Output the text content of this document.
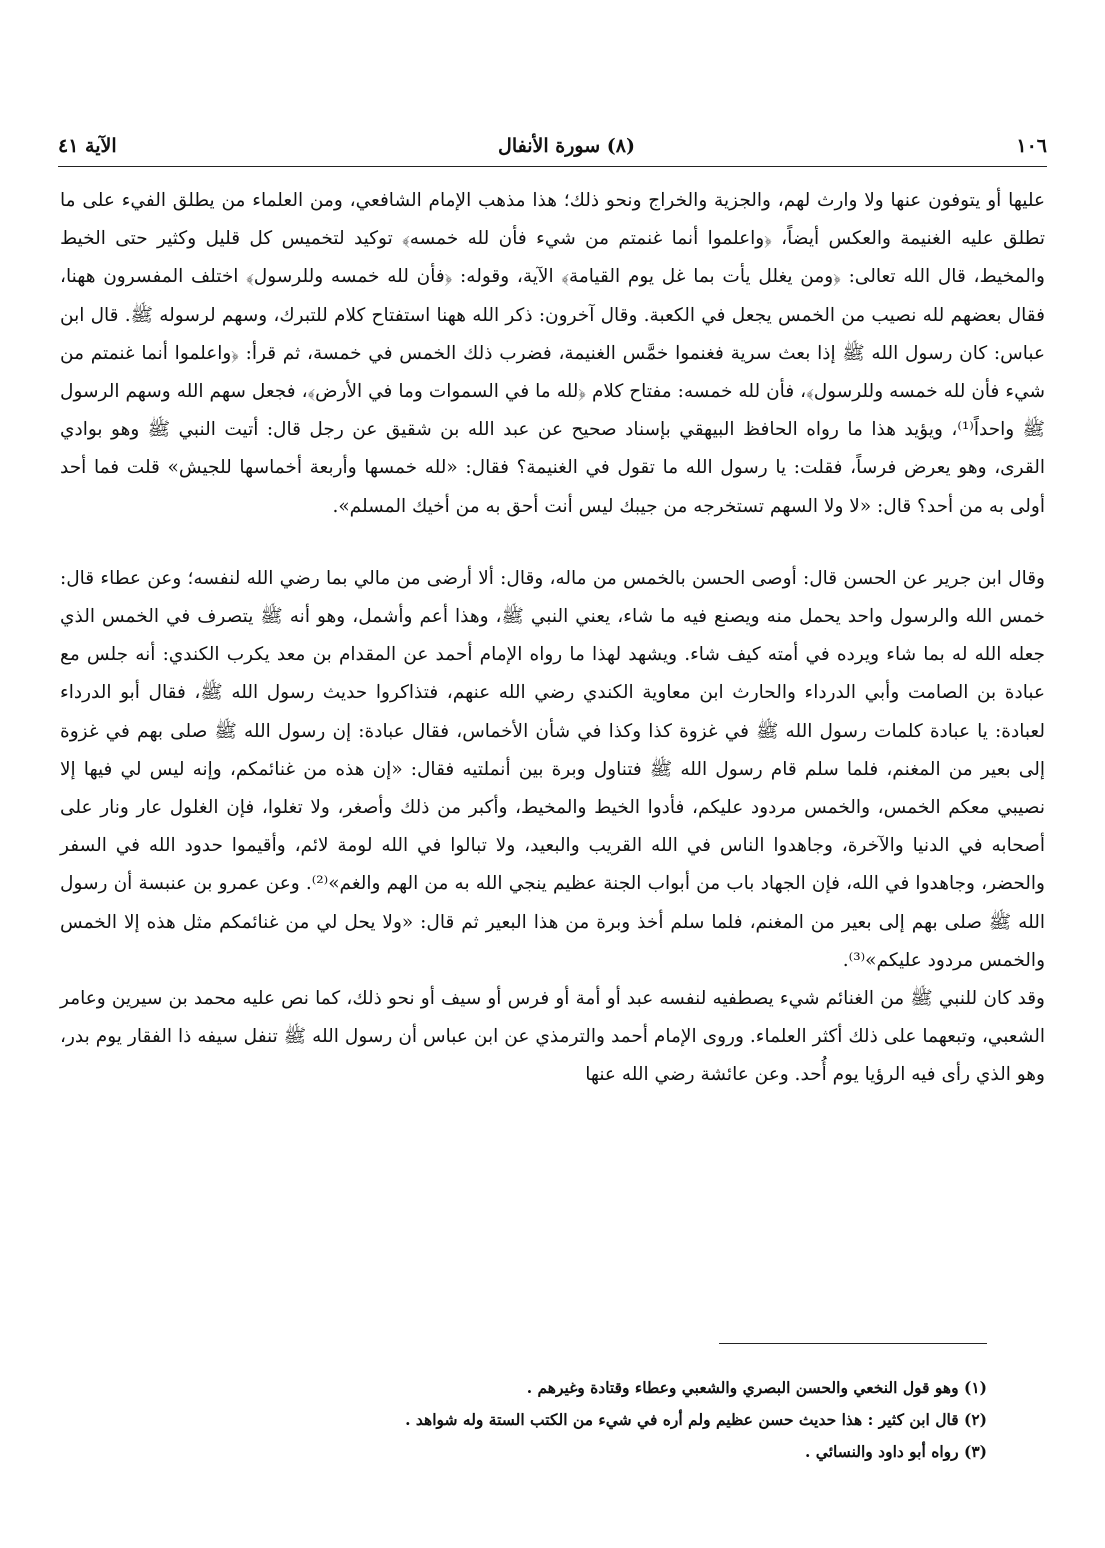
١٠٦
(٨) سورة الأنفال
الآية ٤١

عليها أو يتوفون عنها ولا وارث لهم، والجزية والخراج ونحو ذلك؛ هذا مذهب الإمام الشافعي، ومن العلماء من يطلق الفيء على ما تطلق عليه الغنيمة والعكس أيضاً، ﴿واعلموا أنما غنمتم من شيء فأن لله خمسه﴾ توكيد لتخميس كل قليل وكثير حتى الخيط والمخيط، قال الله تعالى: ﴿ومن يغلل يأت بما غل يوم القيامة﴾ الآية، وقوله: ﴿فأن لله خمسه وللرسول﴾ اختلف المفسرون ههنا، فقال بعضهم لله نصيب من الخمس يجعل في الكعبة. وقال آخرون: ذكر الله ههنا استفتاح كلام للتبرك، وسهم لرسوله ﷺ. قال ابن عباس: كان رسول الله ﷺ إذا بعث سرية فغنموا خمَّس الغنيمة، فضرب ذلك الخمس في خمسة، ثم قرأ: ﴿واعلموا أنما غنمتم من شيء فأن لله خمسه وللرسول﴾، فأن لله خمسه: مفتاح كلام ﴿لله ما في السموات وما في الأرض﴾، فجعل سهم الله وسهم الرسول ﷺ واحداً⁽¹⁾، ويؤيد هذا ما رواه الحافظ البيهقي بإسناد صحيح عن عبد الله بن شقيق عن رجل قال: أتيت النبي ﷺ وهو بوادي القرى، وهو يعرض فرساً، فقلت: يا رسول الله ما تقول في الغنيمة؟ فقال: «لله خمسها وأربعة أخماسها للجيش» قلت فما أحد أولى به من أحد؟ قال: «لا ولا السهم تستخرجه من جيبك ليس أنت أحق به من أخيك المسلم».

وقال ابن جرير عن الحسن قال: أوصى الحسن بالخمس من ماله، وقال: ألا أرضى من مالي بما رضي الله لنفسه؛ وعن عطاء قال: خمس الله والرسول واحد يحمل منه ويصنع فيه ما شاء، يعني النبي ﷺ، وهذا أعم وأشمل، وهو أنه ﷺ يتصرف في الخمس الذي جعله الله له بما شاء ويرده في أمته كيف شاء. ويشهد لهذا ما رواه الإمام أحمد عن المقدام بن معد يكرب الكندي: أنه جلس مع عبادة بن الصامت وأبي الدرداء والحارث ابن معاوية الكندي رضي الله عنهم، فتذاكروا حديث رسول الله ﷺ، فقال أبو الدرداء لعبادة: يا عبادة كلمات رسول الله ﷺ في غزوة كذا وكذا في شأن الأخماس، فقال عبادة: إن رسول الله ﷺ صلى بهم في غزوة إلى بعير من المغنم، فلما سلم قام رسول الله ﷺ فتناول وبرة بين أنملتيه فقال: «إن هذه من غنائمكم، وإنه ليس لي فيها إلا نصيبي معكم الخمس، والخمس مردود عليكم، فأدوا الخيط والمخيط، وأكبر من ذلك وأصغر، ولا تغلوا، فإن الغلول عار ونار على أصحابه في الدنيا والآخرة، وجاهدوا الناس في الله القريب والبعيد، ولا تبالوا في الله لومة لائم، وأقيموا حدود الله في السفر والحضر، وجاهدوا في الله، فإن الجهاد باب من أبواب الجنة عظيم ينجي الله به من الهم والغم»⁽²⁾. وعن عمرو بن عنبسة أن رسول الله ﷺ صلى بهم إلى بعير من المغنم، فلما سلم أخذ وبرة من هذا البعير ثم قال: «ولا يحل لي من غنائمكم مثل هذه إلا الخمس والخمس مردود عليكم»⁽³⁾.

وقد كان للنبي ﷺ من الغنائم شيء يصطفيه لنفسه عبد أو أمة أو فرس أو سيف أو نحو ذلك، كما نص عليه محمد بن سيرين وعامر الشعبي، وتبعهما على ذلك أكثر العلماء. وروى الإمام أحمد والترمذي عن ابن عباس أن رسول الله ﷺ تنفل سيفه ذا الفقار يوم بدر، وهو الذي رأى فيه الرؤيا يوم أُحد. وعن عائشة رضي الله عنها

(١) وهو قول النخعي والحسن البصري والشعبي وعطاء وقتادة وغيرهم .

(٢) قال ابن كثير : هذا حديث حسن عظيم ولم أره في شيء من الكتب الستة وله شواهد .

(٣) رواه أبو داود والنسائي .
